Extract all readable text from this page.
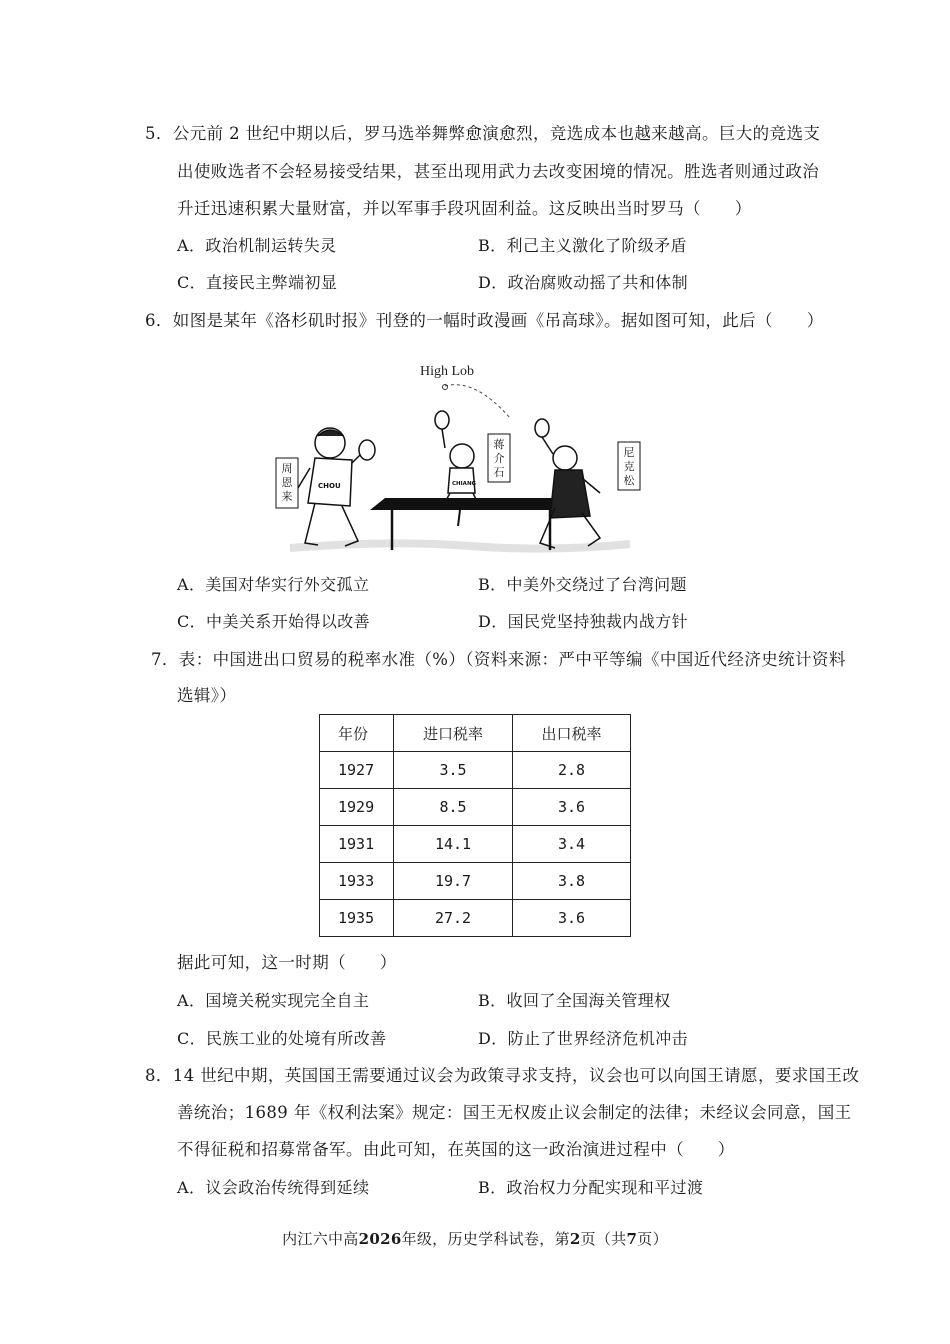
5．公元前 2 世纪中期以后，罗马选举舞弊愈演愈烈，竞选成本也越来越高。巨大的竞选支
出使败选者不会轻易接受结果，甚至出现用武力去改变困境的情况。胜选者则通过政治
升迁迅速积累大量财富，并以军事手段巩固利益。这反映出当时罗马（　　）
A．政治机制运转失灵	B．利己主义激化了阶级矛盾
C．直接民主弊端初显	D．政治腐败动摇了共和体制
6．如图是某年《洛杉矶时报》刊登的一幅时政漫画《吊高球》。据如图可知，此后（　　）
High Lob
CHOU
周
恩
来
CHIANG
蒋
介
石
尼
克
松
A．美国对华实行外交孤立	B．中美外交绕过了台湾问题
C．中美关系开始得以改善	D．国民党坚持独裁内战方针
7．表：中国进出口贸易的税率水准（%）（资料来源：严中平等编《中国近代经济史统计资料
选辑》）
年份	进口税率	出口税率
1927	3.5	2.8
1929	8.5	3.6
1931	14.1	3.4
1933	19.7	3.8
1935	27.2	3.6
据此可知，这一时期（　　）
A．国境关税实现完全自主	B．收回了全国海关管理权
C．民族工业的处境有所改善	D．防止了世界经济危机冲击
8．14 世纪中期，英国国王需要通过议会为政策寻求支持，议会也可以向国王请愿，要求国王改
善统治；1689 年《权利法案》规定：国王无权废止议会制定的法律；未经议会同意，国王
不得征税和招募常备军。由此可知，在英国的这一政治演进过程中（　　）
A．议会政治传统得到延续	B．政治权力分配实现和平过渡
内江六中高2026年级，历史学科试卷，第2页（共7页）
